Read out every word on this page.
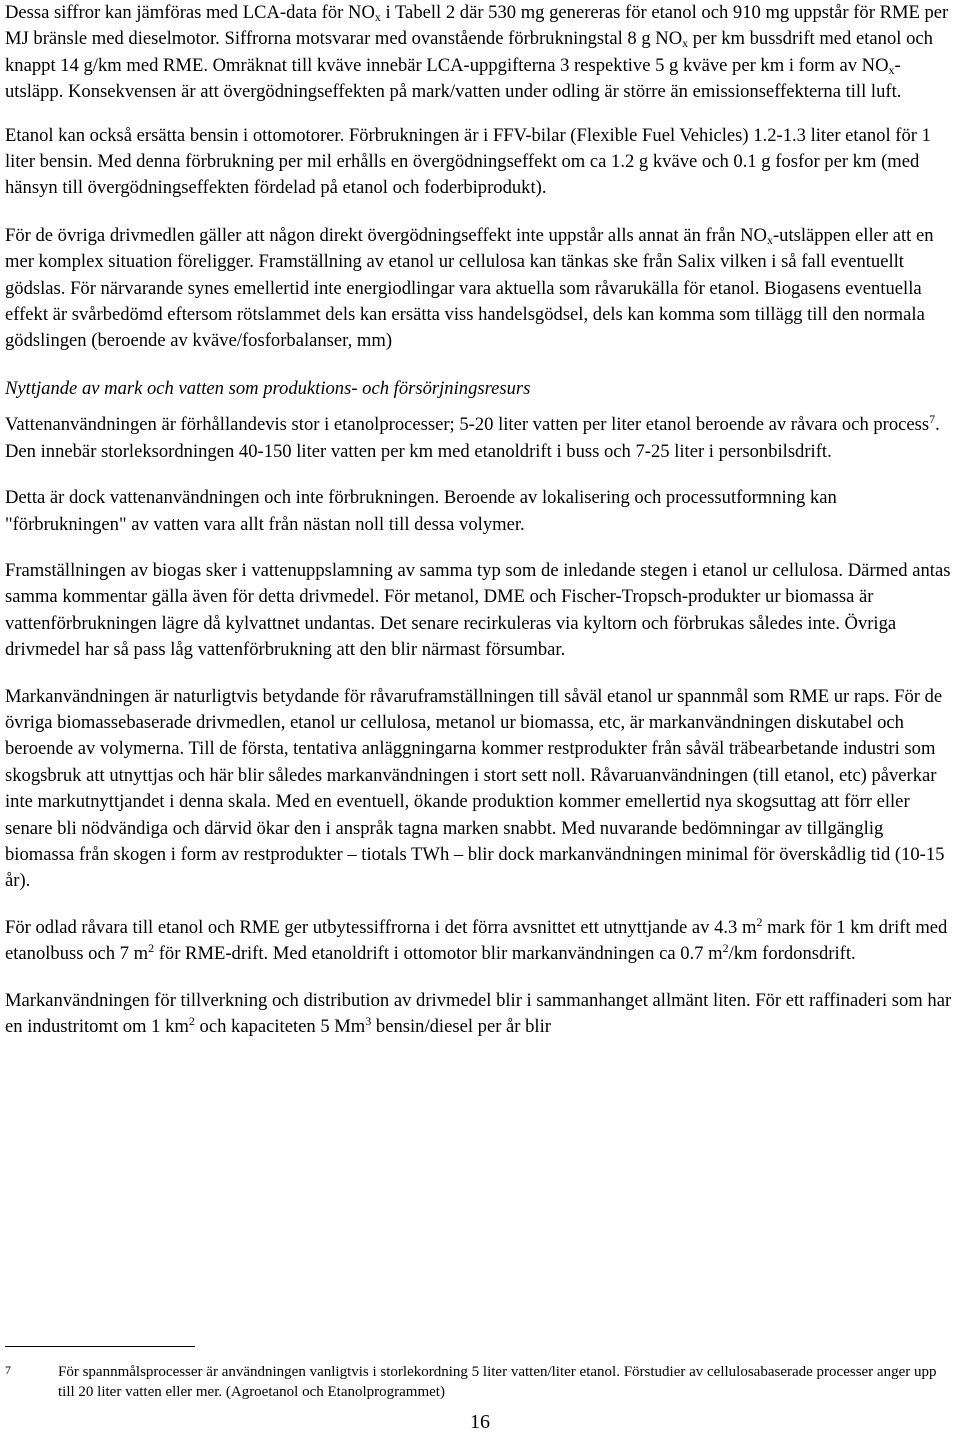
Dessa siffror kan jämföras med LCA-data för $NO_x$ i Tabell 2 där 530 mg genereras för etanol och 910 mg uppstår för RME per MJ bränsle med dieselmotor. Siffrorna motsvarar med ovanstående förbrukningstal 8 g $NO_x$ per km bussdrift med etanol och knappt 14 g/km med RME. Omräknat till kväve innebär LCA-uppgifterna 3 respektive 5 g kväve per km i form av $NO_x$-utsläpp. Konsekvensen är att övergödningseffekten på mark/vatten under odling är större än emissionseffekterna till luft.

Etanol kan också ersätta bensin i ottomotorer. Förbrukningen är i FFV-bilar (Flexible Fuel Vehicles) 1.2-1.3 liter etanol för 1 liter bensin. Med denna förbrukning per mil erhålls en övergödningseffekt om ca 1.2 g kväve och 0.1 g fosfor per km (med hänsyn till övergödningseffekten fördelad på etanol och foderbiprodukt).

För de övriga drivmedlen gäller att någon direkt övergödningseffekt inte uppstår alls annat än från $NO_x$-utsläppen eller att en mer komplex situation föreligger. Framställning av etanol ur cellulosa kan tänkas ske från Salix vilken i så fall eventuellt gödslas. För närvarande synes emellertid inte energiodlingar vara aktuella som råvarukälla för etanol. Biogasens eventuella effekt är svårbedömd eftersom rötslammet dels kan ersätta viss handelsgödsel, dels kan komma som tillägg till den normala gödslingen (beroende av kväve/fosforbalanser, mm)

Nyttjande av mark och vatten som produktions- och försörjningsresurs

Vattenanvändningen är förhållandevis stor i etanolprocesser; 5-20 liter vatten per liter etanol beroende av råvara och process$^7$. Den innebär storleksordningen 40-150 liter vatten per km med etanoldrift i buss och 7-25 liter i personbilsdrift.

Detta är dock vattenanvändningen och inte förbrukningen. Beroende av lokalisering och processutformning kan "förbrukningen" av vatten vara allt från nästan noll till dessa volymer.

Framställningen av biogas sker i vattenuppslamning av samma typ som de inledande stegen i etanol ur cellulosa. Därmed antas samma kommentar gälla även för detta drivmedel. För metanol, DME och Fischer-Tropsch-produkter ur biomassa är vattenförbrukningen lägre då kylvattnet undantas. Det senare recirkuleras via kyltorn och förbrukas således inte. Övriga drivmedel har så pass låg vattenförbrukning att den blir närmast försumbar.

Markanvändningen är naturligtvis betydande för råvaruframställningen till såväl etanol ur spannmål som RME ur raps. För de övriga biomassebaserade drivmedlen, etanol ur cellulosa, metanol ur biomassa, etc, är markanvändningen diskutabel och beroende av volymerna. Till de första, tentativa anläggningarna kommer restprodukter från såväl träbearbetande industri som skogsbruk att utnyttjas och här blir således markanvändningen i stort sett noll. Råvaruanvändningen (till etanol, etc) påverkar inte markutnyttjandet i denna skala. Med en eventuell, ökande produktion kommer emellertid nya skogsuttag att förr eller senare bli nödvändiga och därvid ökar den i anspråk tagna marken snabbt. Med nuvarande bedömningar av tillgänglig biomassa från skogen i form av restprodukter – tiotals TWh – blir dock markanvändningen minimal för överskådlig tid (10-15 år).

För odlad råvara till etanol och RME ger utbytessiffrorna i det förra avsnittet ett utnyttjande av 4.3 $m^2$ mark för 1 km drift med etanolbuss och 7 $m^2$ för RME-drift. Med etanoldrift i ottomotor blir markanvändningen ca 0.7 $m^2/km$ fordonsdrift.

Markanvändningen för tillverkning och distribution av drivmedel blir i sammanhanget allmänt liten. För ett raffinaderi som har en industritomt om 1 $km^2$ och kapaciteten 5 Mm$^3$ bensin/diesel per år blir

7	För spannmålsprocesser är användningen vanligtvis i storlekordning 5 liter vatten/liter etanol. Förstudier av cellulosabaserade processer anger upp till 20 liter vatten eller mer. (Agroetanol och Etanolprogrammet)
16
